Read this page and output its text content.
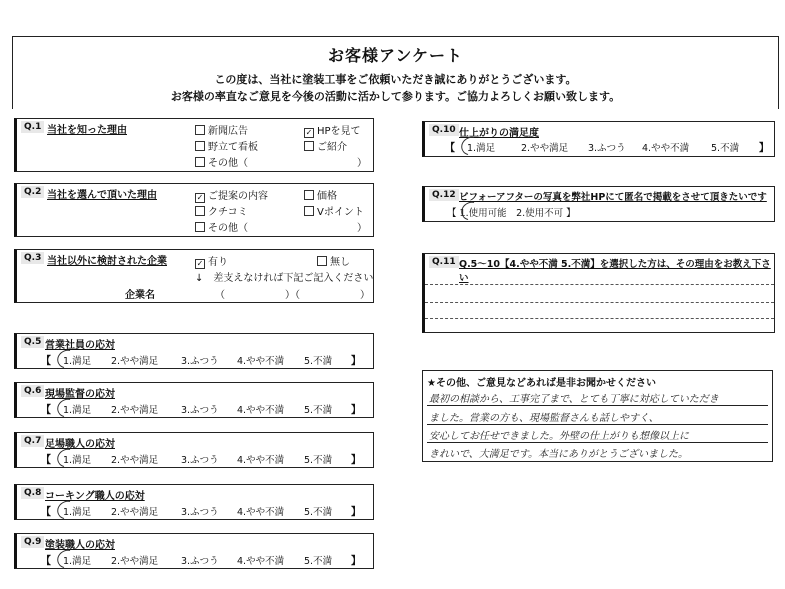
お客様アンケート
この度は、当社に塗装工事をご依頼いただき誠にありがとうございます。
お客様の率直なご意見を今後の活動に活かして参ります。ご協力よろしくお願い致します。
Q.1 当社を知った理由	新聞広告	✓ HPを見て
野立て看板	ご紹介
その他（	）
Q.2 当社を選んで頂いた理由	✓ ご提案の内容	価格
クチコミ	Vポイント
その他（	）
Q.3 当社以外に検討された企業	✓ 有り	無し
↓　差支えなければ下記ご記入ください
企業名	（　　　　　　）（　　　　　　）
Q.5 営業社員の応対
【 1.満足 2.やや満足 3.ふつう 4.やや不満 5.不満 】
Q.6 現場監督の応対
【 1.満足 2.やや満足 3.ふつう 4.やや不満 5.不満 】
Q.7 足場職人の応対
【 1.満足 2.やや満足 3.ふつう 4.やや不満 5.不満 】
Q.8 コーキング職人の応対
【 1.満足 2.やや満足 3.ふつう 4.やや不満 5.不満 】
Q.9 塗装職人の応対
【 1.満足 2.やや満足 3.ふつう 4.やや不満 5.不満 】
Q.10 仕上がりの満足度
【 1.満足	2.やや満足 3.ふつう 4.やや不満 5.不満 】
Q.12 ビフォーアフターの写真を弊社HPにて匿名で掲載をさせて頂きたいです
【 1.使用可能　2.使用不可 】
Q.11 Q.5～10【4.やや不満 5.不満】を選択した方は、その理由をお教え下さい
★その他、ご意見などあれば是非お聞かせください
最初の相談から、工事完了まで、とても丁寧に対応していただき
ました。営業の方も、現場監督さんも話しやすく、
安心してお任せできました。外壁の仕上がりも想像以上に
きれいで、大満足です。本当にありがとうございました。
